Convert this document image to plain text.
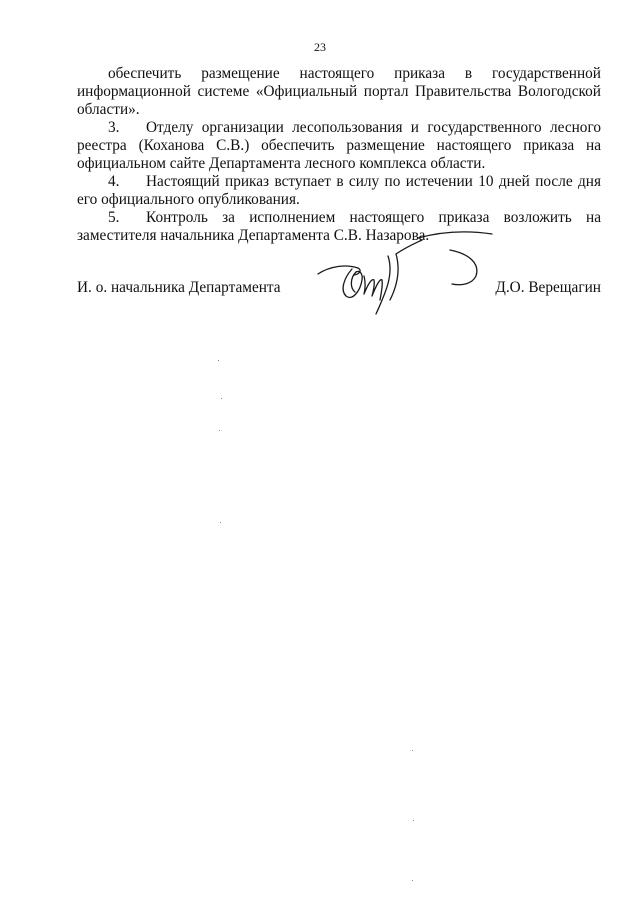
23

обеспечить размещение настоящего приказа в государственной информационной системе «Официальный портал Правительства Вологодской области».

3. Отделу организации лесопользования и государственного лесного реестра (Коханова С.В.) обеспечить размещение настоящего приказа на официальном сайте Департамента лесного комплекса области.

4. Настоящий приказ вступает в силу по истечении 10 дней после дня его официального опубликования.

5. Контроль за исполнением настоящего приказа возложить на заместителя начальника Департамента С.В. Назарова.

И. о. начальника Департамента	Д.О. Верещагин
